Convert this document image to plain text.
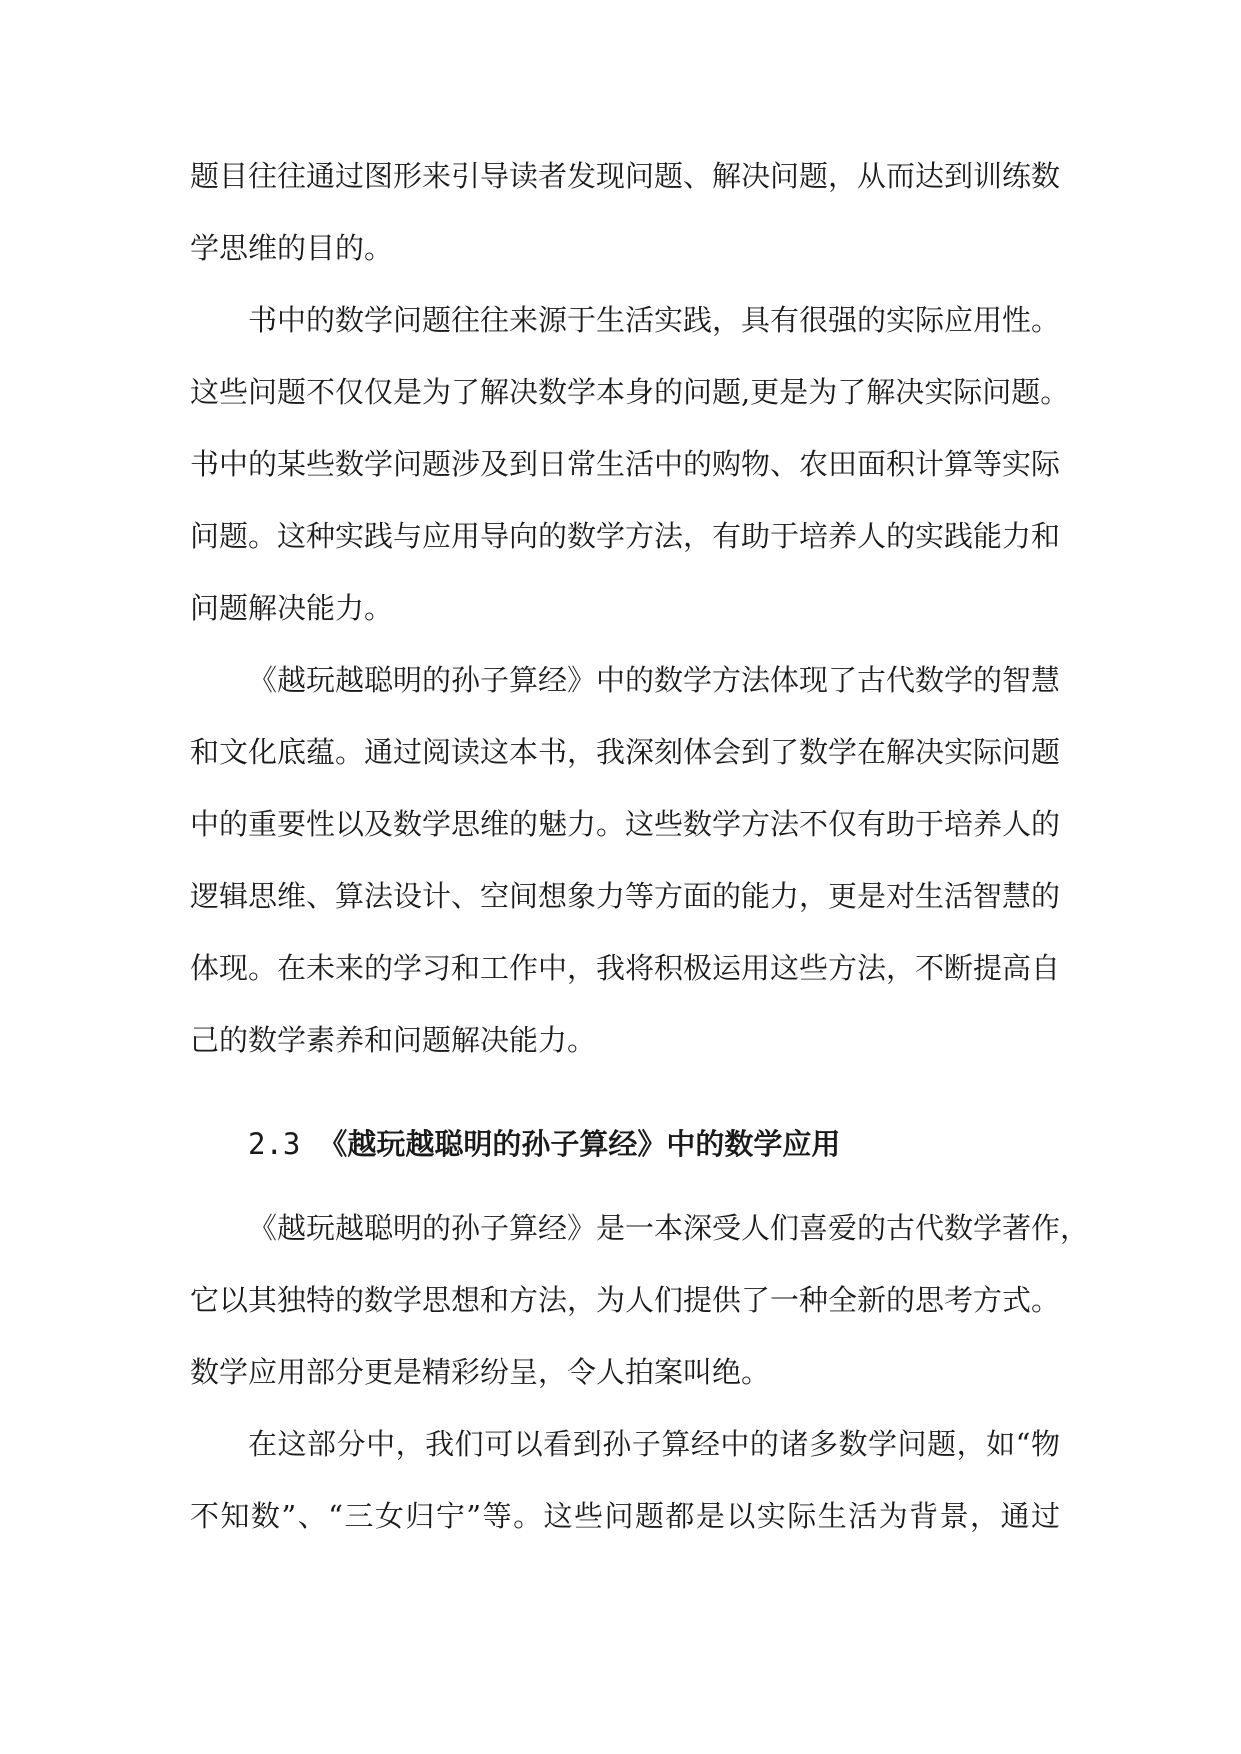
题目往往通过图形来引导读者发现问题、解决问题，从而达到训练数
学思维的目的。
书中的数学问题往往来源于生活实践，具有很强的实际应用性。
这些问题不仅仅是为了解决数学本身的问题,更是为了解决实际问题。
书中的某些数学问题涉及到日常生活中的购物、农田面积计算等实际
问题。这种实践与应用导向的数学方法，有助于培养人的实践能力和
问题解决能力。
《越玩越聪明的孙子算经》中的数学方法体现了古代数学的智慧
和文化底蕴。通过阅读这本书，我深刻体会到了数学在解决实际问题
中的重要性以及数学思维的魅力。这些数学方法不仅有助于培养人的
逻辑思维、算法设计、空间想象力等方面的能力，更是对生活智慧的
体现。在未来的学习和工作中，我将积极运用这些方法，不断提高自
己的数学素养和问题解决能力。
2.3 《越玩越聪明的孙子算经》中的数学应用
《越玩越聪明的孙子算经》是一本深受人们喜爱的古代数学著作，
它以其独特的数学思想和方法，为人们提供了一种全新的思考方式。
数学应用部分更是精彩纷呈，令人拍案叫绝。
在这部分中，我们可以看到孙子算经中的诸多数学问题，如“物
不知数”、“三女归宁”等。这些问题都是以实际生活为背景，通过
